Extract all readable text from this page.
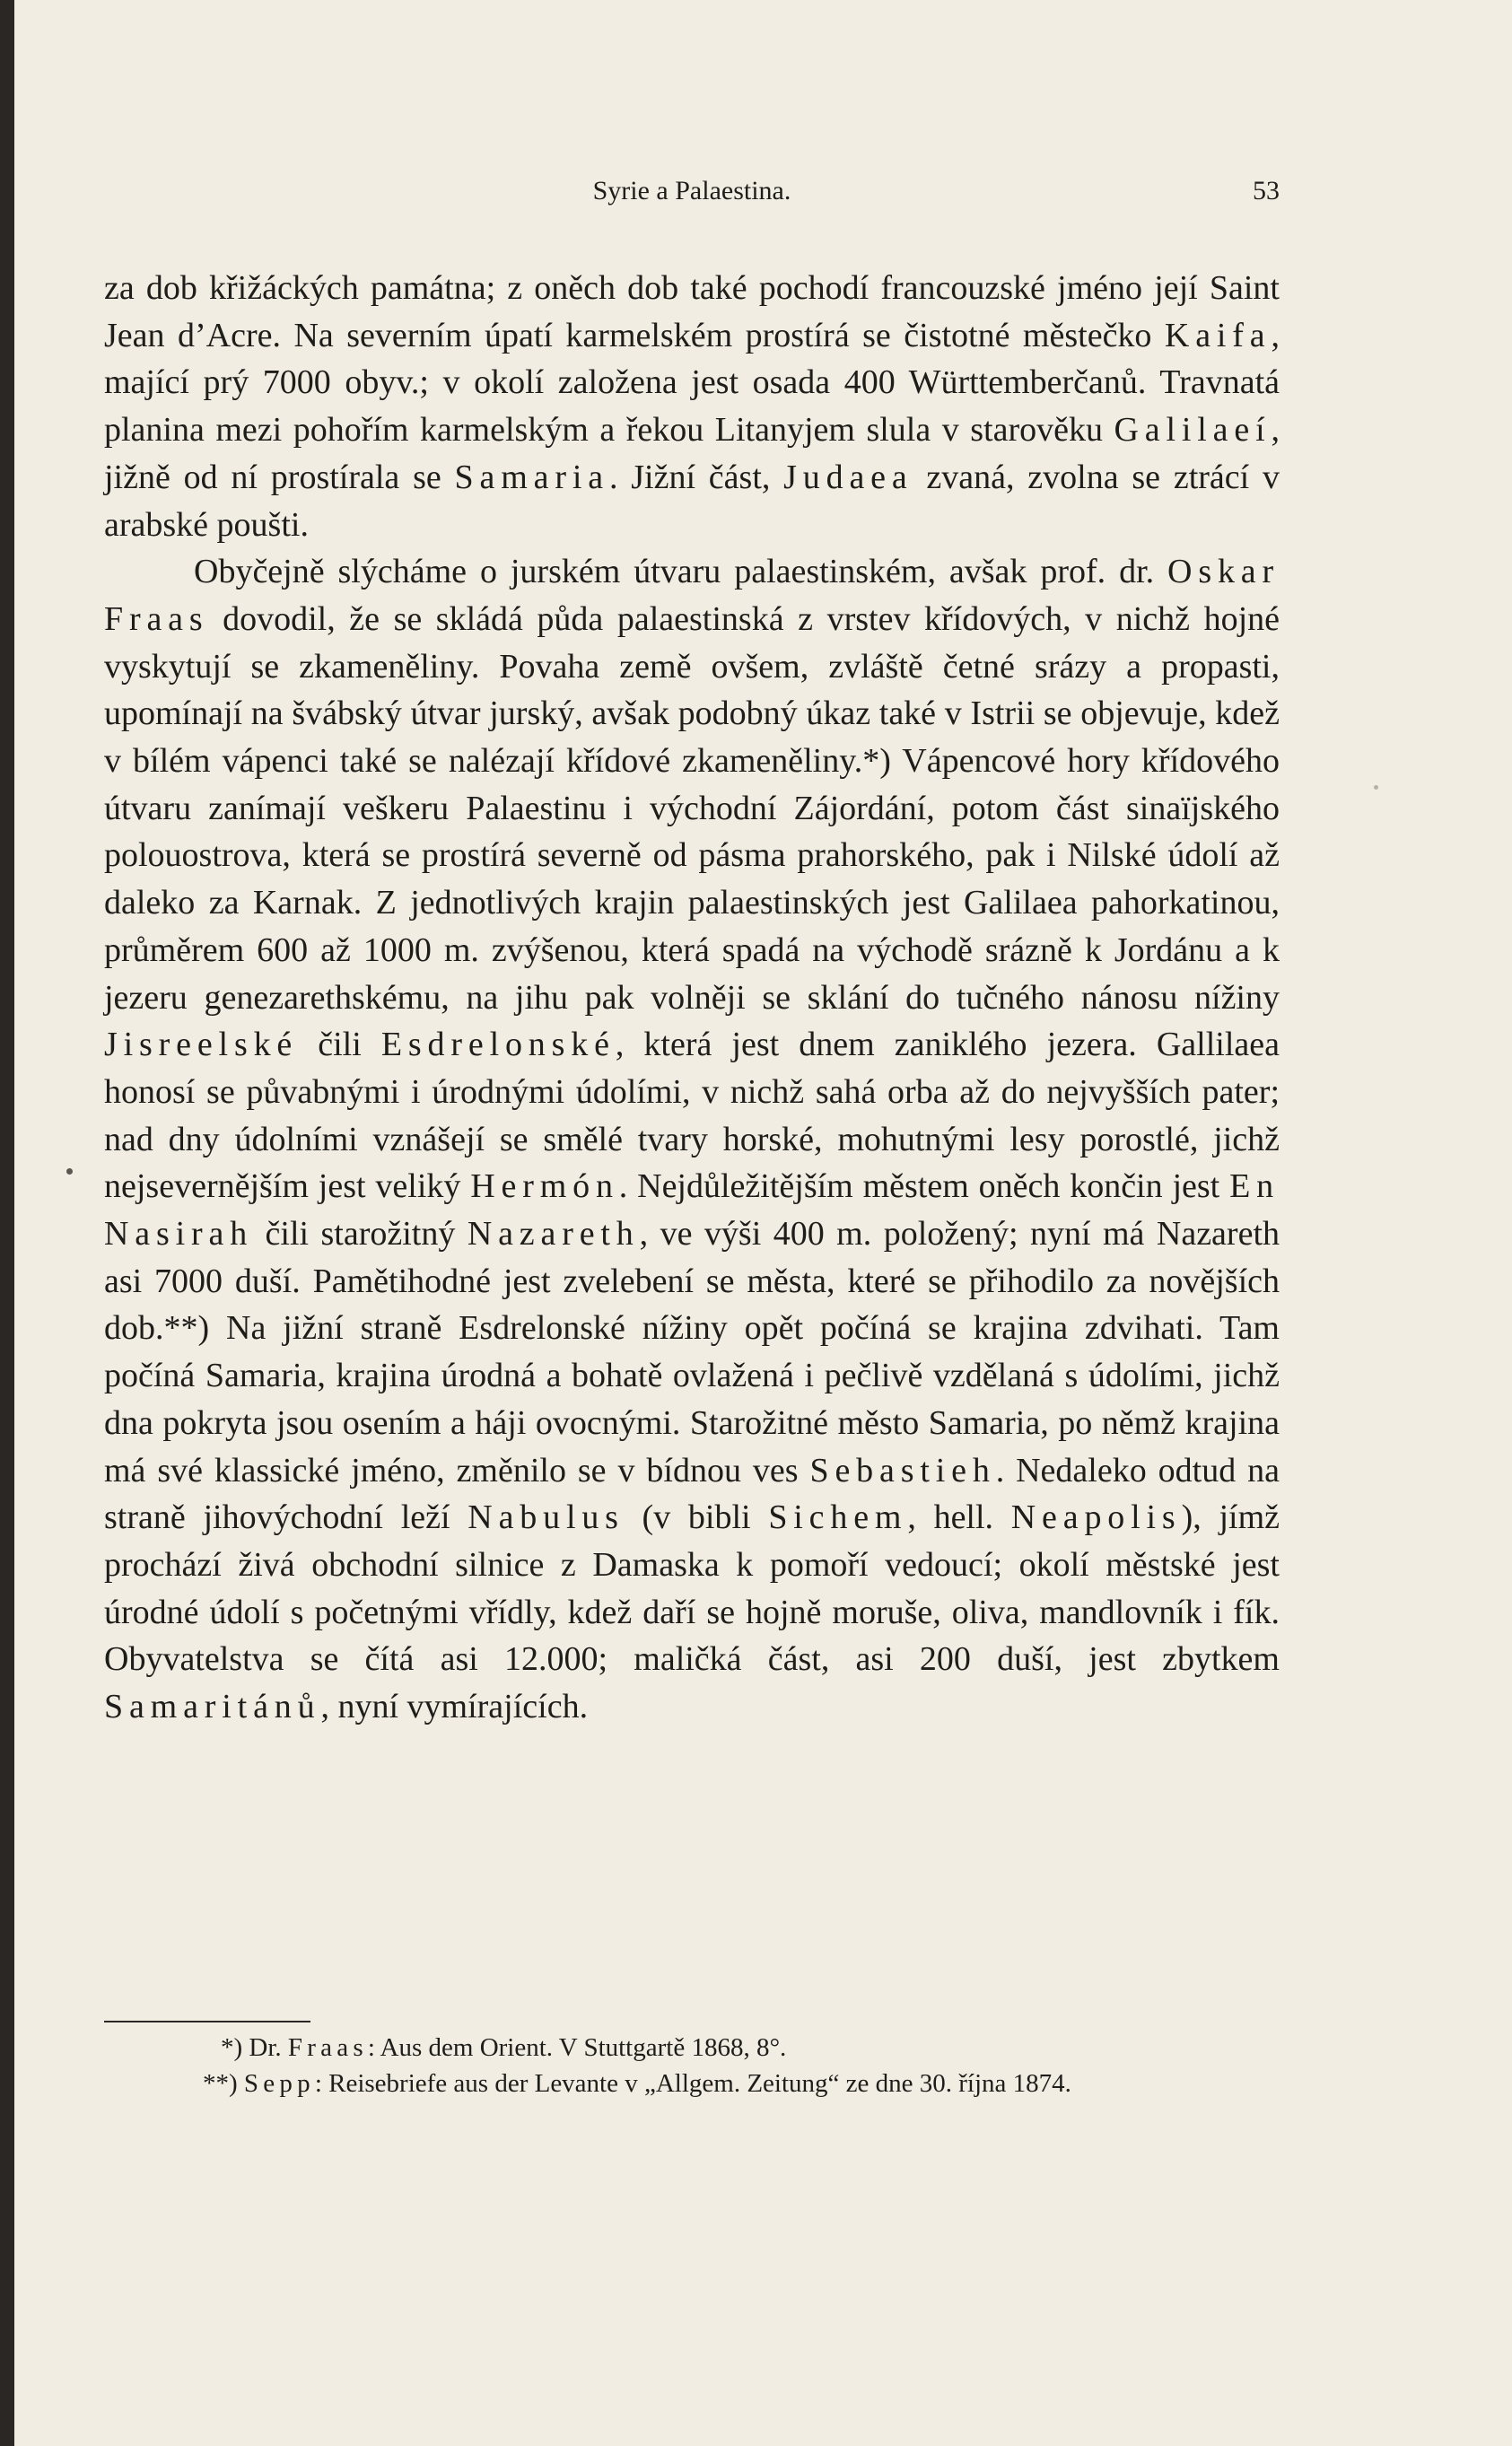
Syrie a Palaestina.	53

za dob křižáckých památna; z oněch dob také pochodí francouzské jméno její Saint Jean d’Acre. Na severním úpatí karmelském prostírá se čistotné městečko Kaifa, mající prý 7000 obyv.; v okolí založena jest osada 400 Württemberčanů. Travnatá planina mezi pohořím karmelským a řekou Litanyjem slula v starověku Galilaeí, jižně od ní prostírala se Samaria. Jižní část, Judaea zvaná, zvolna se ztrácí v arabské poušti.

Obyčejně slýcháme o jurském útvaru palaestinském, avšak prof. dr. Oskar Fraas dovodil, že se skládá půda palaestinská z vrstev křídových, v nichž hojné vyskytují se zkameněliny. Povaha země ovšem, zvláště četné srázy a propasti, upomínají na švábský útvar jurský, avšak podobný úkaz také v Istrii se objevuje, kdež v bílém vápenci také se nalézají křídové zkameněliny.*) Vápencové hory křídového útvaru zanímají veškeru Palaestinu i východní Zájordání, potom část sinaïjského polouostrova, která se prostírá severně od pásma prahorského, pak i Nilské údolí až daleko za Karnak. Z jednotlivých krajin palaestinských jest Galilaea pahorkatinou, průměrem 600 až 1000 m. zvýšenou, která spadá na východě srázně k Jordánu a k jezeru genezarethskému, na jihu pak volněji se sklání do tučného nánosu nížiny Jisreelské čili Esdrelonské, která jest dnem zaniklého jezera. Gallilaea honosí se půvabnými i úrodnými údolími, v nichž sahá orba až do nejvyšších pater; nad dny údolními vznášejí se smělé tvary horské, mohutnými lesy porostlé, jichž nejsevernějším jest veliký Hermón. Nejdůležitějším městem oněch končin jest En Nasirah čili starožitný Nazareth, ve výši 400 m. položený; nyní má Nazareth asi 7000 duší. Pamětihodné jest zvelebení se města, které se přihodilo za novějších dob.**) Na jižní straně Esdrelonské nížiny opět počíná se krajina zdvihati. Tam počíná Samaria, krajina úrodná a bohatě ovlažená i pečlivě vzdělaná s údolími, jichž dna pokryta jsou osením a háji ovocnými. Starožitné město Samaria, po němž krajina má své klassické jméno, změnilo se v bídnou ves Sebastieh. Nedaleko odtud na straně jihovýchodní leží Nabulus (v bibli Sichem, hell. Neapolis), jímž prochází živá obchodní silnice z Damaska k pomoří vedoucí; okolí městské jest úrodné údolí s početnými vřídly, kdež daří se hojně moruše, oliva, mandlovník i fík. Obyvatelstva se čítá asi 12.000; maličká část, asi 200 duší, jest zbytkem Samaritánů, nyní vymírajících.

*) Dr. Fraas: Aus dem Orient. V Stuttgartě 1868, 8°.

**) Sepp: Reisebriefe aus der Levante v „Allgem. Zeitung“ ze dne 30. října 1874.
